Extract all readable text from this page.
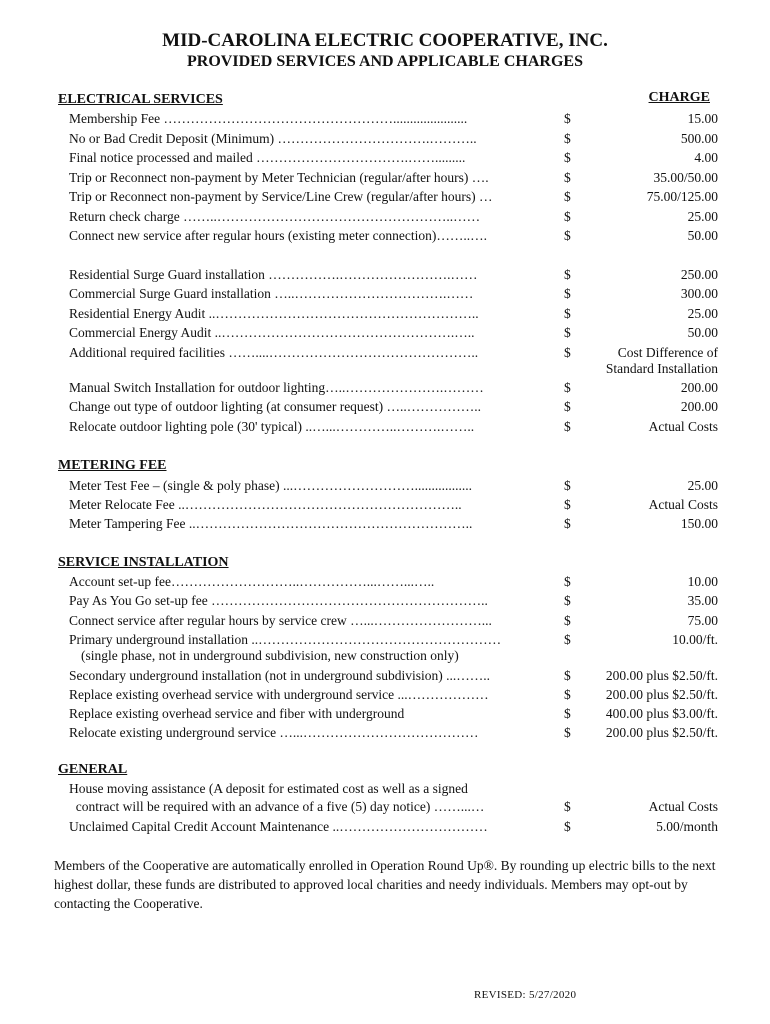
MID-CAROLINA ELECTRIC COOPERATIVE, INC.
PROVIDED SERVICES AND APPLICABLE CHARGES
ELECTRICAL SERVICES	CHARGE
Membership Fee ……………………………………………......................	$	15.00
No or Bad Credit Deposit (Minimum) …………………………….………..	$	500.00
Final notice processed and mailed …………………………….…….........	$	4.00
Trip or Reconnect non-payment by Meter Technician (regular/after hours) ….	$	35.00/50.00
Trip or Reconnect non-payment by Service/Line Crew (regular/after hours) …	$	75.00/125.00
Return check charge ……..……………………………………………..……	$	25.00
Connect new service after regular hours (existing meter connection)……..….	$	50.00
Residential Surge Guard installation …………….…………………….……	$	250.00
Commercial Surge Guard installation …..…………………………….……	$	300.00
Residential Energy Audit ..…………………………………………………..	$	25.00
Commercial Energy Audit ..…………………………………………….…..	$	50.00
Additional required facilities ……....………………………………………..	$	Cost Difference of
Standard Installation
Manual Switch Installation for outdoor lighting…..………………….………	$	200.00
Change out type of outdoor lighting (at consumer request) …..……………..	$	200.00
Relocate outdoor lighting pole (30' typical) ..…...…………..……….……..	$	Actual Costs
METERING FEE
Meter Test Fee – (single & poly phase) ...……………………….................	$	25.00
Meter Relocate Fee ..……………………………………………………..	$	Actual Costs
Meter Tampering Fee ..……………………………………………………..	$	150.00
SERVICE INSTALLATION
Account set-up fee………………………..……………...……...…..	$	10.00
Pay As You Go set-up fee ……………………………………………………..	$	35.00
Connect service after regular hours by service crew …...……………………...	$	75.00
Primary underground installation ..………………………………………………	$	10.00/ft.
(single phase, not in underground subdivision, new construction only)
Secondary underground installation (not in underground subdivision) ...……..	$	200.00 plus $2.50/ft.
Replace existing overhead service with underground service ...………………	$	200.00 plus $2.50/ft.
Replace existing overhead service and fiber with underground	$	400.00 plus $3.00/ft.
Relocate existing underground service …...…………………………………	$	200.00 plus $2.50/ft.
GENERAL
House moving assistance (A deposit for estimated cost as well as a signed
contract will be required with an advance of a five (5) day notice) ……...…	$	Actual Costs
Unclaimed Capital Credit Account Maintenance ..……………………………	$	5.00/month
Members of the Cooperative are automatically enrolled in Operation Round Up®. By rounding up electric bills to the next highest dollar, these funds are distributed to approved local charities and needy individuals. Members may opt-out by contacting the Cooperative.
REVISED: 5/27/2020
